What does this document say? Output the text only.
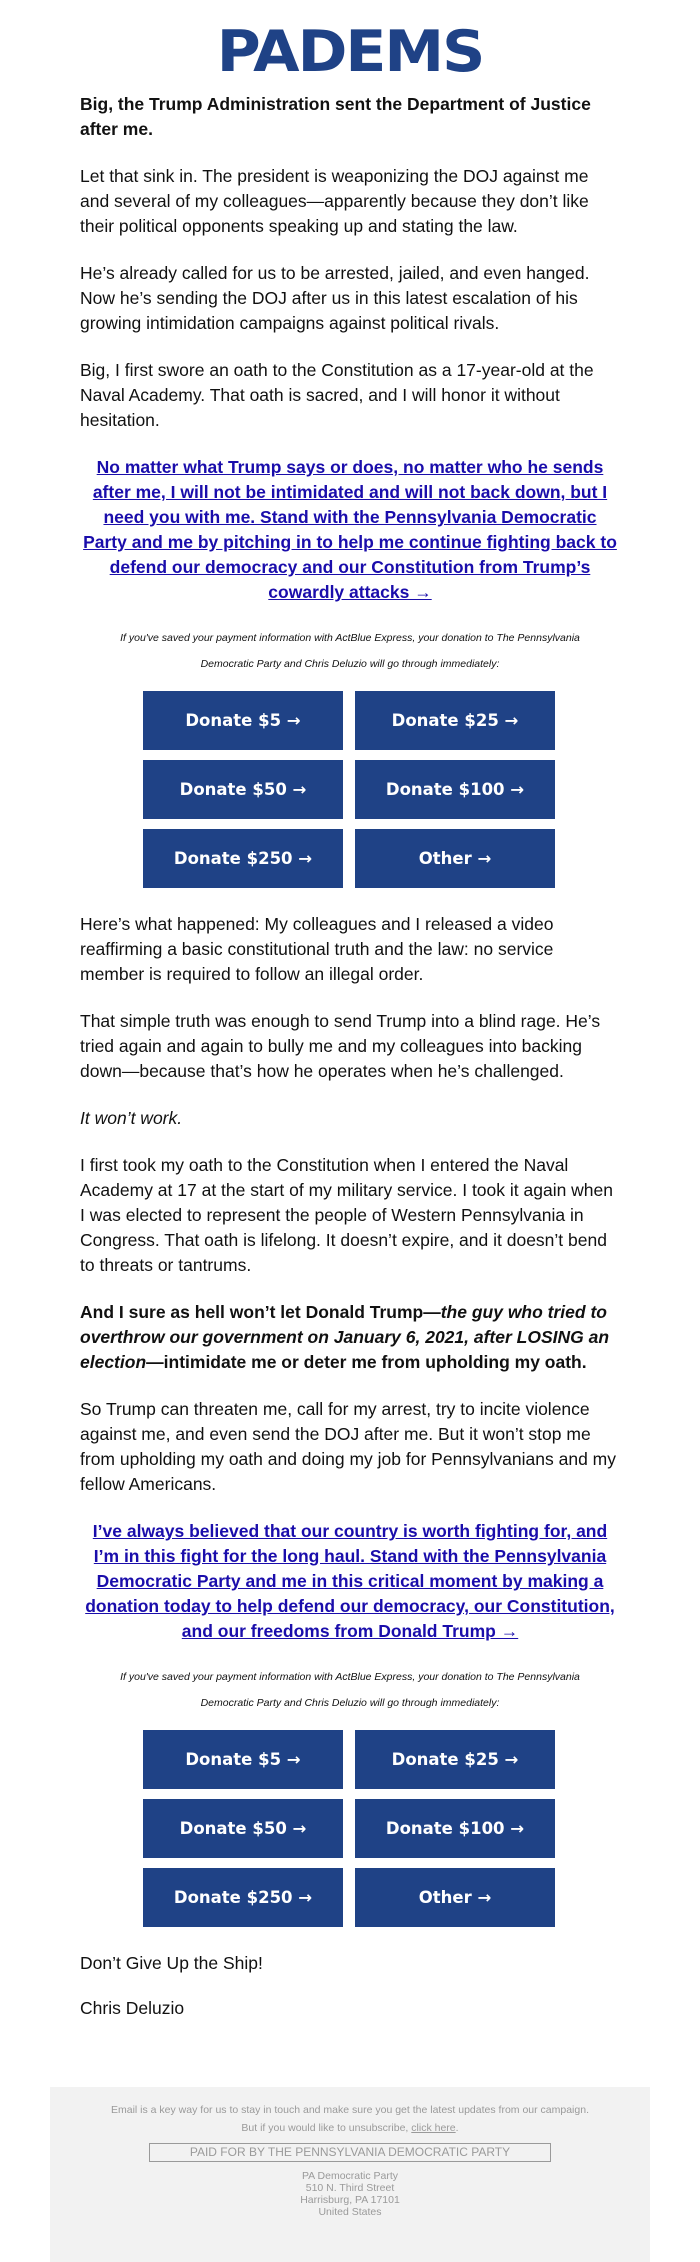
PADEMS
Big, the Trump Administration sent the Department of Justice after me.
Let that sink in. The president is weaponizing the DOJ against me and several of my colleagues—apparently because they don’t like their political opponents speaking up and stating the law.
He’s already called for us to be arrested, jailed, and even hanged. Now he’s sending the DOJ after us in this latest escalation of his growing intimidation campaigns against political rivals.
Big, I first swore an oath to the Constitution as a 17-year-old at the Naval Academy. That oath is sacred, and I will honor it without hesitation.
No matter what Trump says or does, no matter who he sends after me, I will not be intimidated and will not back down, but I need you with me. Stand with the Pennsylvania Democratic Party and me by pitching in to help me continue fighting back to defend our democracy and our Constitution from Trump’s cowardly attacks →
If you've saved your payment information with ActBlue Express, your donation to The Pennsylvania Democratic Party and Chris Deluzio will go through immediately:
Donate $5 →	Donate $25 →
Donate $50 →	Donate $100 →
Donate $250 →	Other →
Here’s what happened: My colleagues and I released a video reaffirming a basic constitutional truth and the law: no service member is required to follow an illegal order.
That simple truth was enough to send Trump into a blind rage. He’s tried again and again to bully me and my colleagues into backing down—because that’s how he operates when he’s challenged.
It won’t work.
I first took my oath to the Constitution when I entered the Naval Academy at 17 at the start of my military service. I took it again when I was elected to represent the people of Western Pennsylvania in Congress. That oath is lifelong. It doesn’t expire, and it doesn’t bend to threats or tantrums.
And I sure as hell won’t let Donald Trump—the guy who tried to overthrow our government on January 6, 2021, after LOSING an election—intimidate me or deter me from upholding my oath.
So Trump can threaten me, call for my arrest, try to incite violence against me, and even send the DOJ after me. But it won’t stop me from upholding my oath and doing my job for Pennsylvanians and my fellow Americans.
I’ve always believed that our country is worth fighting for, and I’m in this fight for the long haul. Stand with the Pennsylvania Democratic Party and me in this critical moment by making a donation today to help defend our democracy, our Constitution, and our freedoms from Donald Trump →
If you've saved your payment information with ActBlue Express, your donation to The Pennsylvania Democratic Party and Chris Deluzio will go through immediately:
Donate $5 →	Donate $25 →
Donate $50 →	Donate $100 →
Donate $250 →	Other →
Don’t Give Up the Ship!
Chris Deluzio
Email is a key way for us to stay in touch and make sure you get the latest updates from our campaign.
But if you would like to unsubscribe, click here.
PAID FOR BY THE PENNSYLVANIA DEMOCRATIC PARTY
PA Democratic Party
510 N. Third Street
Harrisburg, PA 17101
United States
